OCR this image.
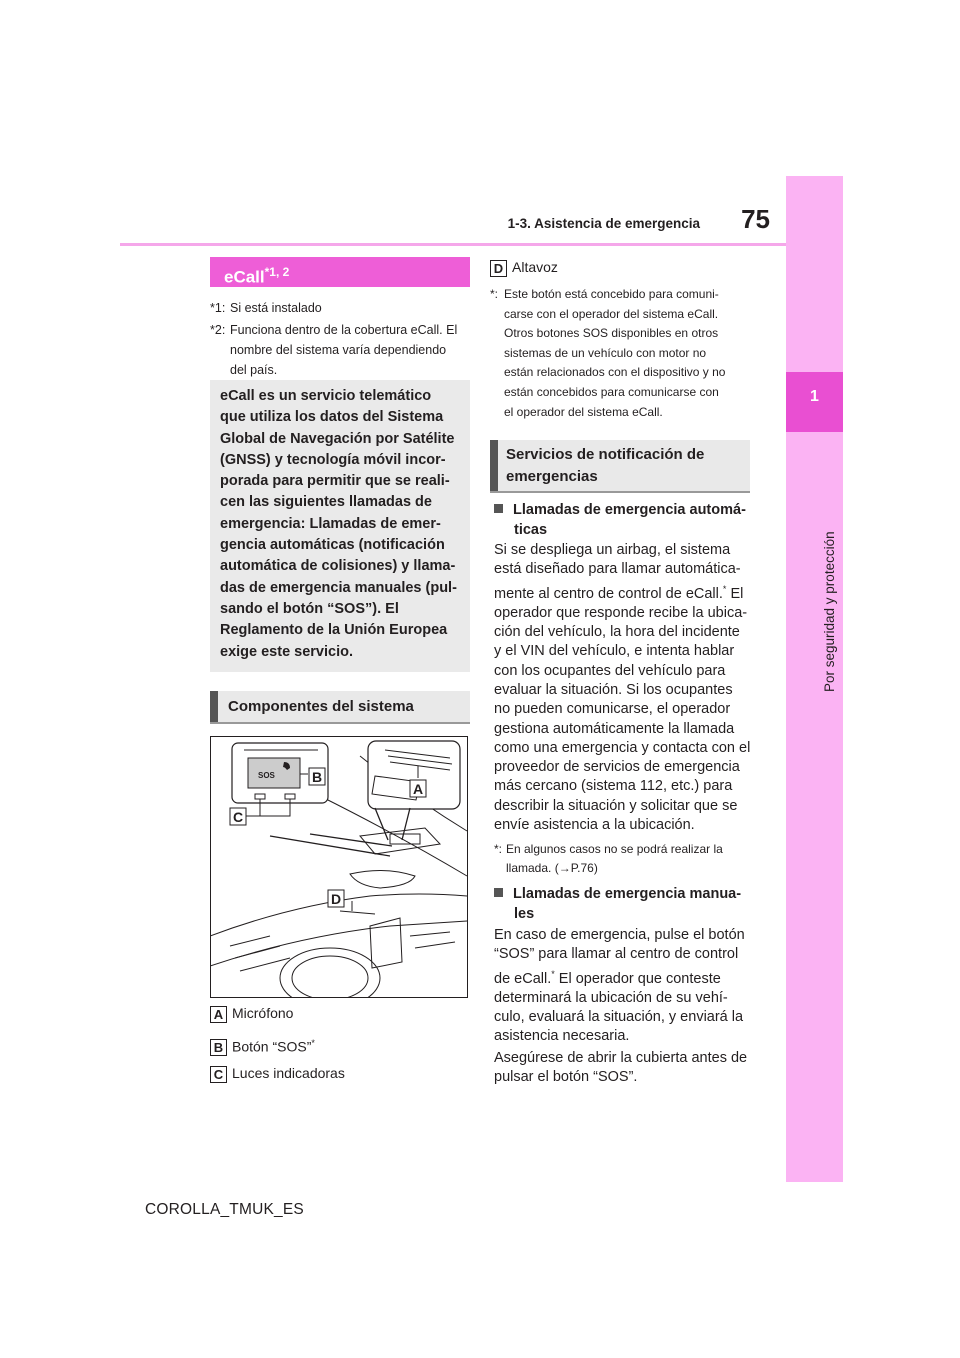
75
1-3. Asistencia de emergencia
1
Por seguridad y protección
eCall$^{*1, 2}$
*1: Si está instalado
*2: Funciona dentro de la cobertura eCall. El
nombre del sistema varía dependiendo
del país.
eCall es un servicio telemático
que utiliza los datos del Sistema
Global de Navegación por Satélite
(GNSS) y tecnología móvil incor-
porada para permitir que se reali-
cen las siguientes llamadas de
emergencia: Llamadas de emer-
gencia automáticas (notificación
automática de colisiones) y llama-
das de emergencia manuales (pul-
sando el botón “SOS”). El
Reglamento de la Unión Europea
exige este servicio.
Componentes del sistema
SOS	B
C
A
D
A Micrófono
B Botón “SOS”*
C Luces indicadoras
D Altavoz
*: Este botón está concebido para comuni-
carse con el operador del sistema eCall.
Otros botones SOS disponibles en otros
sistemas de un vehículo con motor no
están relacionados con el dispositivo y no
están concebidos para comunicarse con
el operador del sistema eCall.
Servicios de notificación de
emergencias
Llamadas de emergencia automá-
ticas
Si se despliega un airbag, el sistema
está diseñado para llamar automática-
mente al centro de control de eCall.* El
operador que responde recibe la ubica-
ción del vehículo, la hora del incidente
y el VIN del vehículo, e intenta hablar
con los ocupantes del vehículo para
evaluar la situación. Si los ocupantes
no pueden comunicarse, el operador
gestiona automáticamente la llamada
como una emergencia y contacta con el
proveedor de servicios de emergencia
más cercano (sistema 112, etc.) para
describir la situación y solicitar que se
envíe asistencia a la ubicación.
*: En algunos casos no se podrá realizar la
llamada. (→P.76)
Llamadas de emergencia manua-
les
En caso de emergencia, pulse el botón
“SOS” para llamar al centro de control
de eCall.* El operador que conteste
determinará la ubicación de su vehí-
culo, evaluará la situación, y enviará la
asistencia necesaria.
Asegúrese de abrir la cubierta antes de
pulsar el botón “SOS”.
COROLLA_TMUK_ES
